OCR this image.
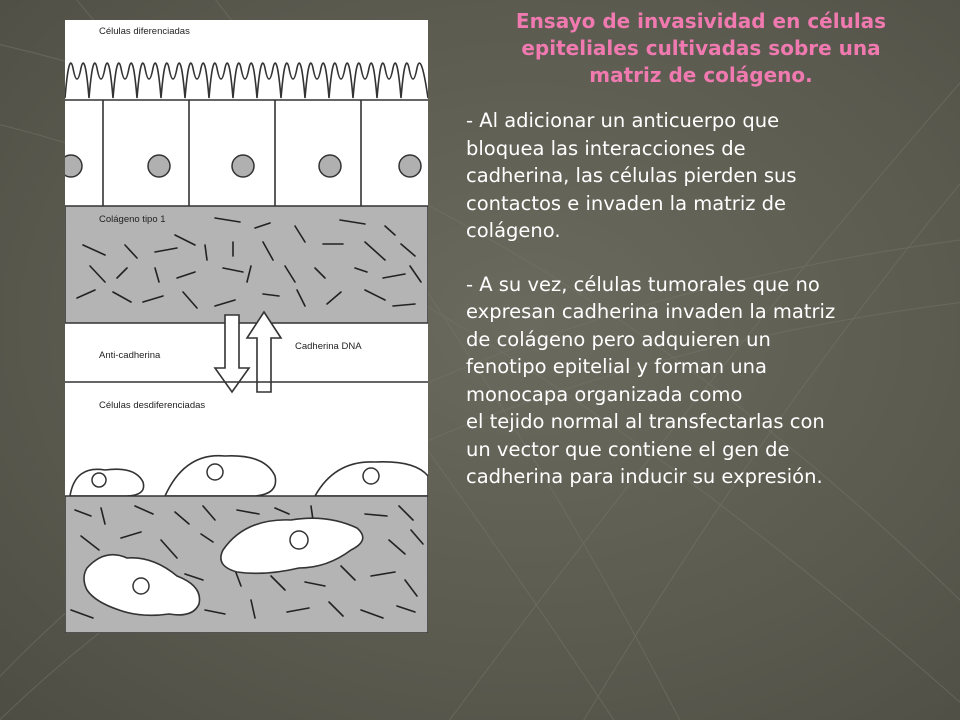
Células diferenciadas
Colágeno tipo 1
Anti-cadherina
Cadherina DNA
Células desdiferenciadas
Ensayo de invasividad en células
epiteliales cultivadas sobre una
matriz de colágeno.

- Al adicionar un anticuerpo que
bloquea las interacciones de
cadherina, las células pierden sus
contactos e invaden la matriz de
colágeno.

- A su vez, células tumorales que no
expresan cadherina invaden la matriz
de colágeno pero adquieren un
fenotipo epitelial y forman una
monocapa organizada como
el tejido normal al transfectarlas con
un vector que contiene el gen de
cadherina para inducir su expresión.
